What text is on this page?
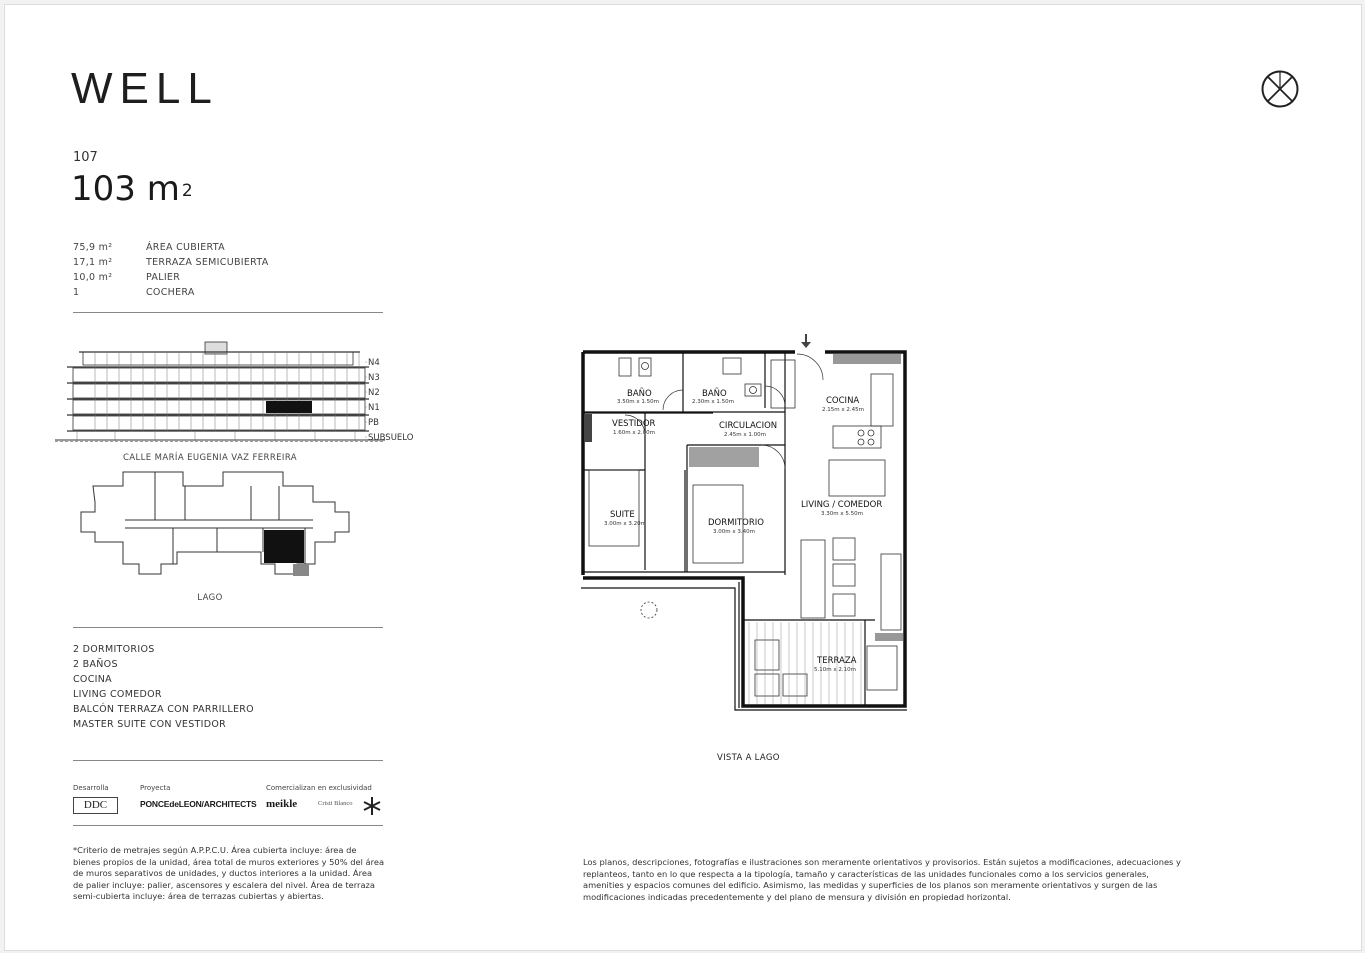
WELL
107
103 m $^2$
75,9 m²	ÁREA CUBIERTA
17,1 m²	TERRAZA SEMICUBIERTA
10,0 m²	PALIER
1	COCHERA
N4
N3
N2
N1
PB
SUBSUELO
CALLE MARÍA EUGENIA VAZ FERREIRA
LAGO
2 DORMITORIOS
2 BAÑOS
COCINA
LIVING COMEDOR
BALCÓN TERRAZA CON PARRILLERO
MASTER SUITE CON VESTIDOR
Desarrolla	Proyecta	Comercializan en exclusividad
DDC	PONCEdeLEON/ARCHITECTS meikle	Cristi Blanco

*Criterio de metrajes según A.P.P.C.U. Área cubierta incluye: área de bienes propios de la unidad, área total de muros exteriores y 50% del área de muros separativos de unidades, y ductos interiores a la unidad. Área de palier incluye: palier, ascensores y escalera del nivel. Área de terraza semi-cubierta incluye: área de terrazas cubiertas y abiertas.

Los planos, descripciones, fotografías e ilustraciones son meramente orientativos y provisorios. Están sujetos a modificaciones, adecuaciones y replanteos, tanto en lo que respecta a la tipología, tamaño y características de las unidades funcionales como a los servicios generales, amenities y espacios comunes del edificio. Asimismo, las medidas y superficies de los planos son meramente orientativos y surgen de las modificaciones indicadas precedentemente y del plano de mensura y división en propiedad horizontal.

BAÑO
3.50m x 1.50m
BAÑO
2.30m x 1.50m	COCINA
2.15m x 2.45m
VESTIDOR
1.60m x 2.00m
CIRCULACION
2.45m x 1.00m
SUITE
3.00m x 3.20m	DORMITORIO
3.00m x 3.40m
LIVING / COMEDOR
3.30m x 5.50m
TERRAZA
5.10m x 2.10m
VISTA A LAGO
